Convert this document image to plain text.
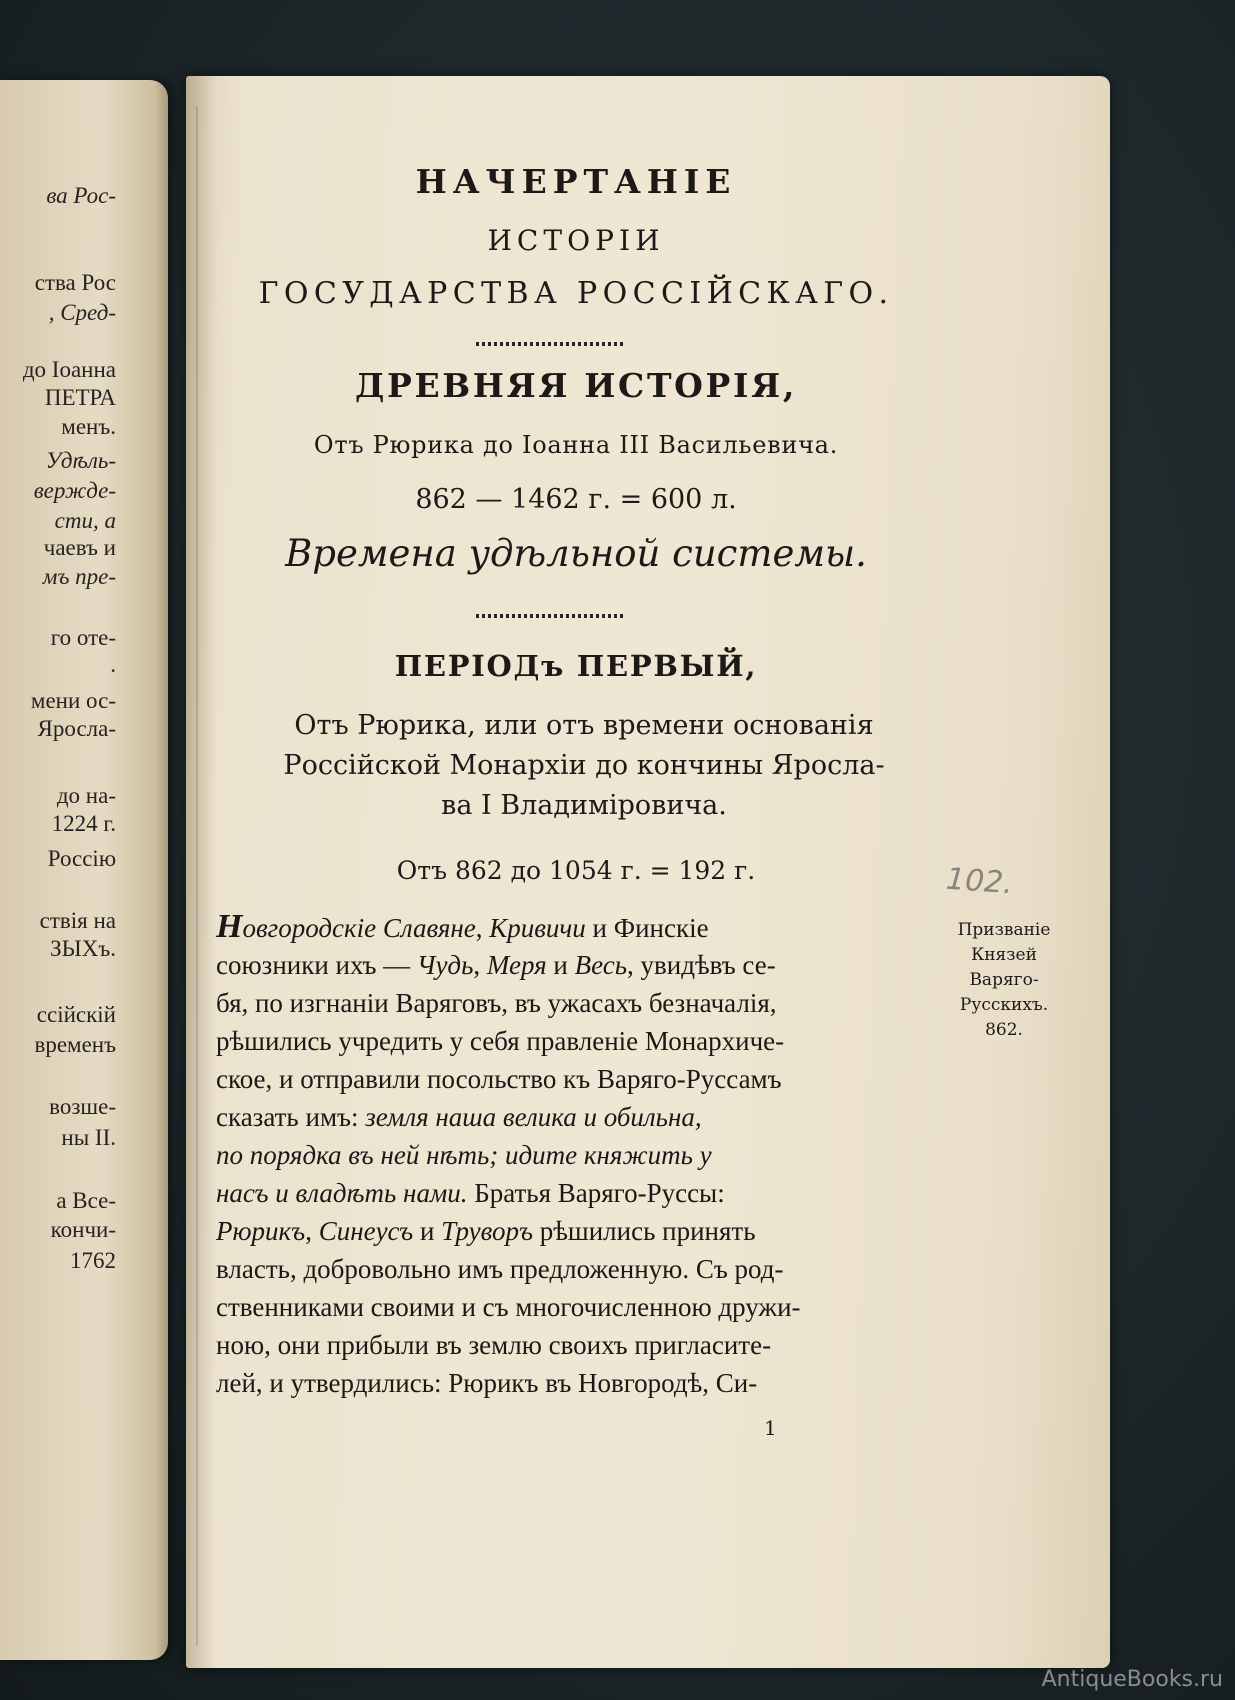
ва Рос-
ства Рос
, Сред-
до Іоанна
ПЕТРА
менъ.
Удѣль-
вержде-
сти, а
чаевъ и
мъ пре-
го оте-
.
мени ос-
Яросла-
до на-
1224 г.
Россію
ствія на
ЗЫХъ.
ссійскій
временъ
возше-
ны II.
а Все-
кончи-
1762
НАЧЕРТАНІЕ
ИСТОРІИ
ГОСУДАРСТВА РОССІЙСКАГО.
ДРЕВНЯЯ ИСТОРІЯ,
Отъ Рюрика до Іоанна III Васильевича.
862 — 1462 г. = 600 л.
Времена удѣльной системы.
ПЕРІОДъ ПЕРВЫЙ,
Отъ Рюрика, или отъ времени основанія
Россійской Монархіи до кончины Яросла-
ва I Владиміровича.
Отъ 862 до 1054 г. = 192 г.
Новгородскіе Славяне, Кривичи и Финскіе
союзники ихъ — Чудь, Меря и Весь, увидѣвъ се-
бя, по изгнаніи Варяговъ, въ ужасахъ безначалія,
рѣшились учредить у себя правленіе Монархиче-
ское, и отправили посольство къ Варяго-Руссамъ
сказать имъ: земля наша велика и обильна,
по порядка въ ней нѣть; идите княжить у
насъ и владѣть нами. Братья Варяго-Руссы:
Рюрикъ, Синеусъ и Труворъ рѣшились принять
власть, добровольно имъ предложенную. Съ род-
ственниками своими и съ многочисленною дружи-
ною, они прибыли въ землю своихъ пригласите-
лей, и утвердились: Рюрикъ въ Новгородѣ, Си-
Призваніе
Князей
Варяго-
Русскихъ.
862.
102.
1
AntiqueBooks.ru
